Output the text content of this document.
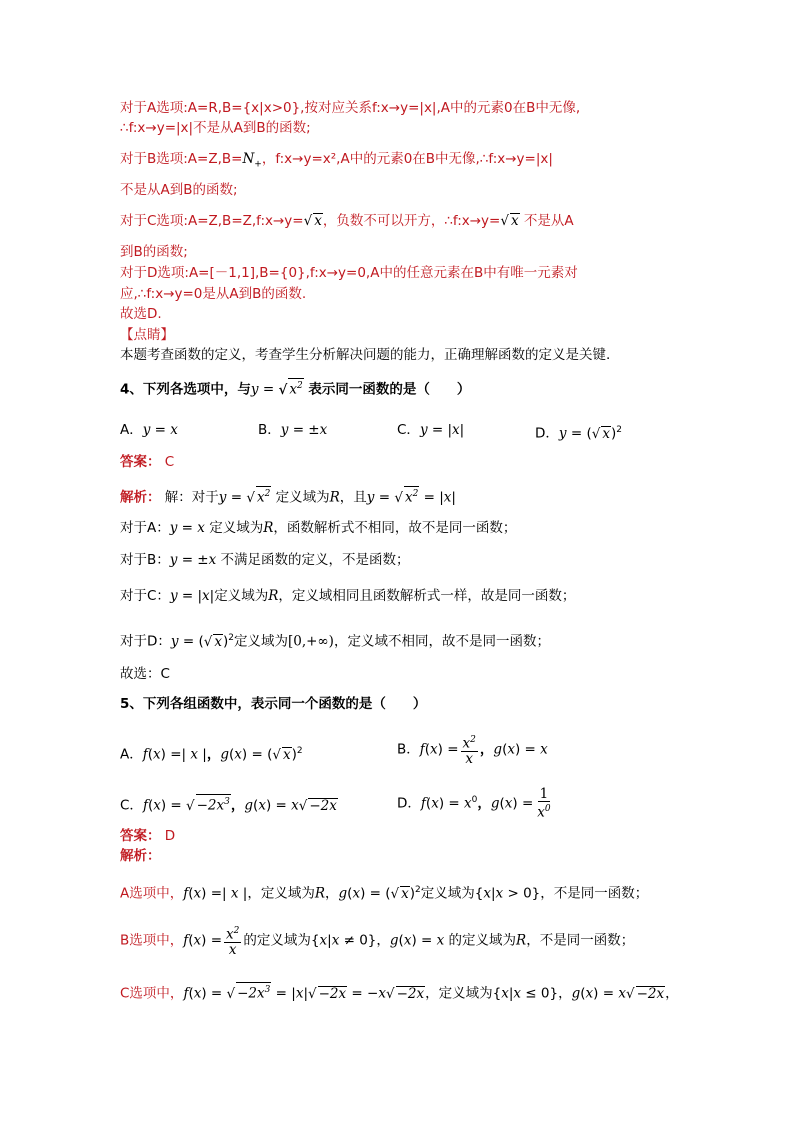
对于A选项:A=R,B={x|x>0},按对应关系f:x→y=|x|,A中的元素0在B中无像,
∴f:x→y=|x|不是从A到B的函数;
对于B选项$:A=Z,B=N_+$，f:x→y=x²,A中的元素0在B中无像,∴f:x→y=|x|
不是从A到B的函数;
对于C选项:A=Z,B=Z,f:x→y=√ x，负数不可以开方，∴f:x→y=√ x 不是从A
到B的函数;
对于D选项:A=[－1,1],B={0},f:x→y=0,A中的任意元素在B中有唯一元素对
应,∴f:x→y=0是从A到B的函数.
故选D.
【点睛】
本题考查函数的定义，考查学生分析解决问题的能力，正确理解函数的定义是关键.
4、下列各选项中，与y = √ $x^2$ 表示同一函数的是（　　）
A．y = x	B．y = ±x	C．y = |x|	D．y = (√ x)$^2$
答案： C
解析： 解：对于y = √ $x^2$ 定义域为R，且y = √ $x^2 = |x|$
对于A：y = x 定义域为R，函数解析式不相同，故不是同一函数；
对于B：y = ±x 不满足函数的定义，不是函数；
对于C：y = |x|定义域为R，定义域相同且函数解析式一样，故是同一函数；
对于D：y = (√ x)$^2$定义域为[0,+∞)，定义域不相同，故不是同一函数；
故选：C
5、下列各组函数中，表示同一个函数的是（　　）
A．f(x) =| x |，g(x) = (√ x)$^2$	B．$f(x) = \frac{x^2}{x}$ ，g(x) = x
C．f(x) = √ $-2x^3$，g(x) = x√ −2x	D．$f(x) = x^0$，$g(x) = \frac{1}{x^0}$
答案： D
解析：
A选项中，f(x) =| x |，定义域为R，g(x) = (√ x)$^2$定义域为{x|x > 0}，不是同一函数；
B选项中，$f(x) = \frac{x^2}{x}$ 的定义域为{x|x ≠ 0}，g(x) = x 的定义域为R，不是同一函数；
C选项中，f(x) = √ $-2x^3 = |x|√ -2x = -x√ -2x$，定义域为{x|x ≤ 0}，g(x) = x√ −2x，
